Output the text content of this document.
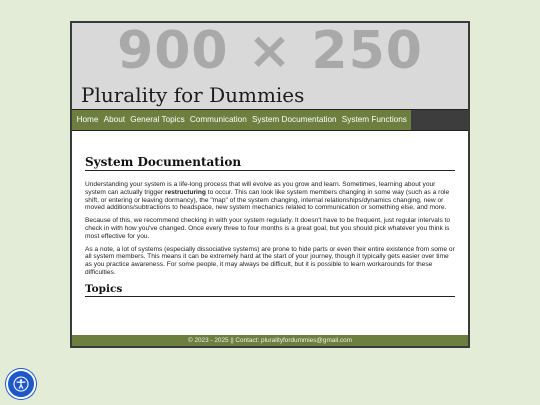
900 × 250
Plurality for Dummies
Home About General Topics Communication System Documentation System Functions
System Documentation

Understanding your system is a life-long process that will evolve as you grow and learn. Sometimes, learning about your system can actually trigger restructuring to occur. This can look like system members changing in some way (such as a role shift, or entering or leaving dormancy), the "map" of the system changing, internal relationships/dynamics changing, new or moved additions/subtractions to headspace, new system mechanics related to communication or something else, and more.

Because of this, we recommend checking in with your system regularly. It doesn't have to be frequent, just regular intervals to check in with how you've changed. Once every three to four months is a great goal, but you should pick whatever you think is most effective for you.

As a note, a lot of systems (especially dissociative systems) are prone to hide parts or even their entire existence from some or all system members. This means it can be extremely hard at the start of your journey, though it typically gets easier over time as you practice awareness. For some people, it may always be difficult, but it is possible to learn workarounds for these difficulties.

Topics
© 2023 - 2025 || Contact: pluralityfordummies@gmail.com
